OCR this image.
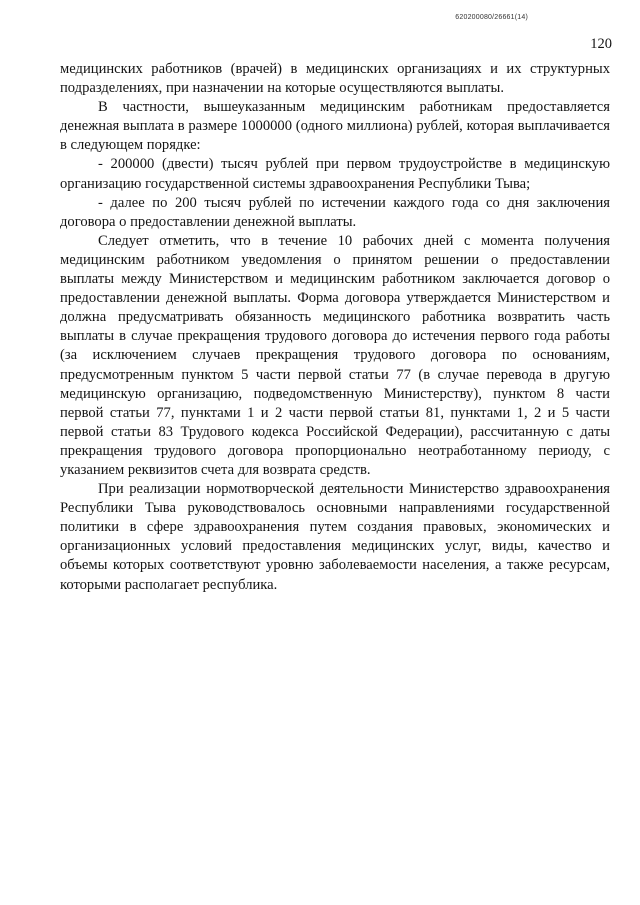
620200080/26661(14)
120

медицинских работников (врачей) в медицинских организациях и их структурных подразделениях, при назначении на которые осуществляются выплаты.

В частности, вышеуказанным медицинским работникам предоставляется денежная выплата в размере 1000000 (одного миллиона) рублей, которая выплачивается в следующем порядке:

- 200000 (двести) тысяч рублей при первом трудоустройстве в медицинскую организацию государственной системы здравоохранения Республики Тыва;

- далее по 200 тысяч рублей по истечении каждого года со дня заключения договора о предоставлении денежной выплаты.

Следует отметить, что в течение 10 рабочих дней с момента получения медицинским работником уведомления о принятом решении о предоставлении выплаты между Министерством и медицинским работником заключается договор о предоставлении денежной выплаты. Форма договора утверждается Министерством и должна предусматривать обязанность медицинского работника возвратить часть выплаты в случае прекращения трудового договора до истечения первого года работы (за исключением случаев прекращения трудового договора по основаниям, предусмотренным пунктом 5 части первой статьи 77 (в случае перевода в другую медицинскую организацию, подведомственную Министерству), пунктом 8 части первой статьи 77, пунктами 1 и 2 части первой статьи 81, пунктами 1, 2 и 5 части первой статьи 83 Трудового кодекса Российской Федерации), рассчитанную с даты прекращения трудового договора пропорционально неотработанному периоду, с указанием реквизитов счета для возврата средств.

При реализации нормотворческой деятельности Министерство здравоохранения Республики Тыва руководствовалось основными направлениями государственной политики в сфере здравоохранения путем создания правовых, экономических и организационных условий предоставления медицинских услуг, виды, качество и объемы которых соответствуют уровню заболеваемости населения, а также ресурсам, которыми располагает республика.
